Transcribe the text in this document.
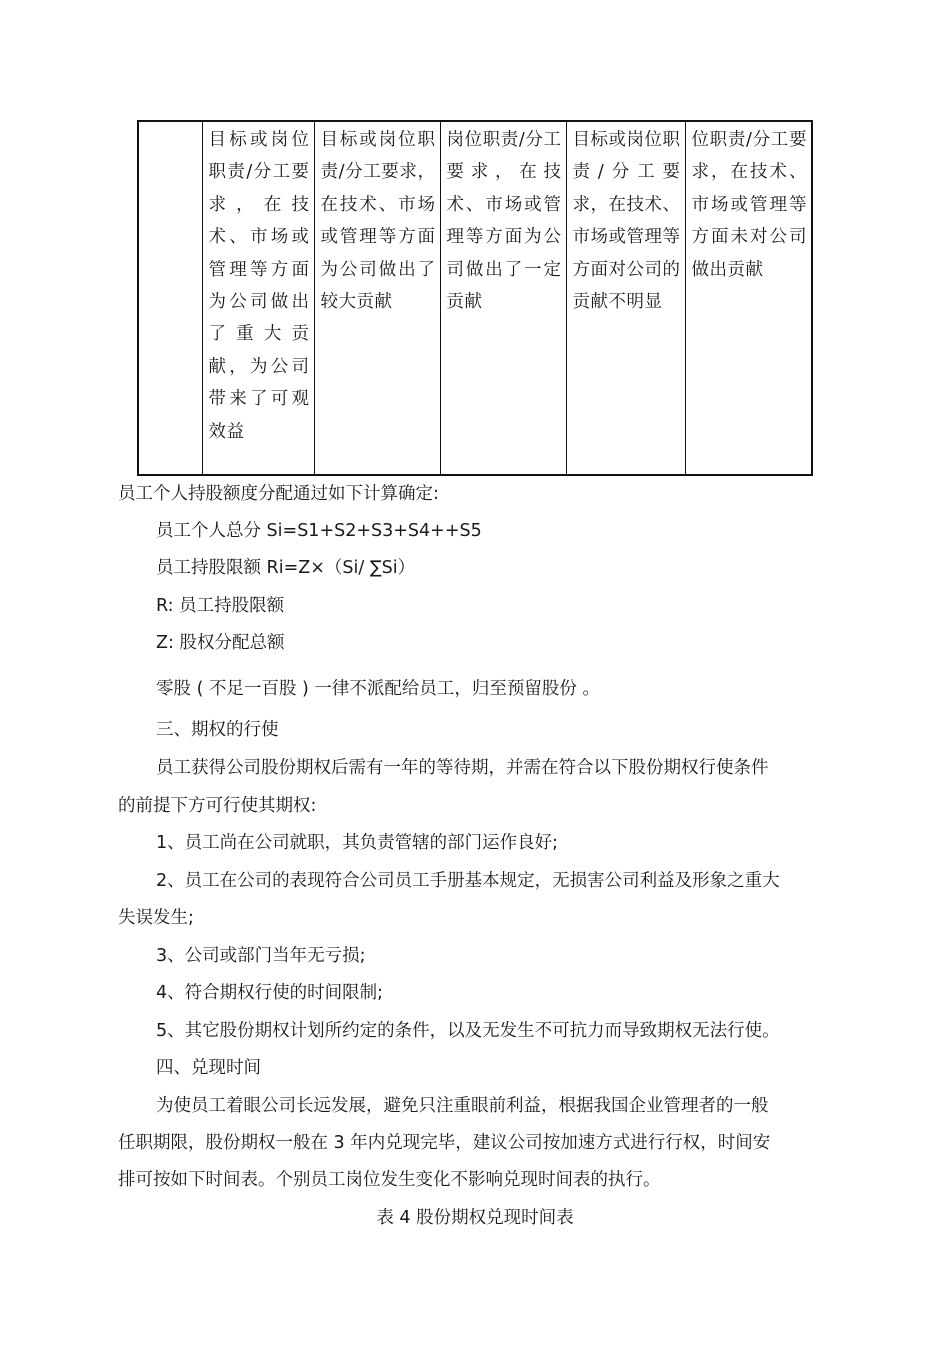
	目标或岗位职责/分工要求，在技术、市场或管理等方面为公司做出了重大贡献，为公司带来了可观效益	目标或岗位职责/分工要求，在技术、市场或管理等方面为公司做出了较大贡献	岗位职责/分工要求，在技术、市场或管理等方面为公司做出了一定贡献	目标或岗位职责/分工要求，在技术、市场或管理等方面对公司的贡献不明显	位职责/分工要求，在技术、市场或管理等方面未对公司做出贡献
员工个人持股额度分配通过如下计算确定:
员工个人总分 Si=S1+S2+S3+S4++S5
员工持股限额 Ri=Z×（Si/ ∑Si）
R: 员工持股限额
Z: 股权分配总额
零股 ( 不足一百股 ) 一律不派配给员工，归至预留股份 。
三、期权的行使
员工获得公司股份期权后需有一年的等待期，并需在符合以下股份期权行使条件
的前提下方可行使其期权:
1、员工尚在公司就职，其负责管辖的部门运作良好;
2、员工在公司的表现符合公司员工手册基本规定，无损害公司利益及形象之重大
失误发生;
3、公司或部门当年无亏损;
4、符合期权行使的时间限制;
5、其它股份期权计划所约定的条件，以及无发生不可抗力而导致期权无法行使。
四、兑现时间
为使员工着眼公司长远发展，避免只注重眼前利益，根据我国企业管理者的一般
任职期限，股份期权一般在 3 年内兑现完毕，建议公司按加速方式进行行权，时间安
排可按如下时间表。个别员工岗位发生变化不影响兑现时间表的执行。
表 4 股份期权兑现时间表
